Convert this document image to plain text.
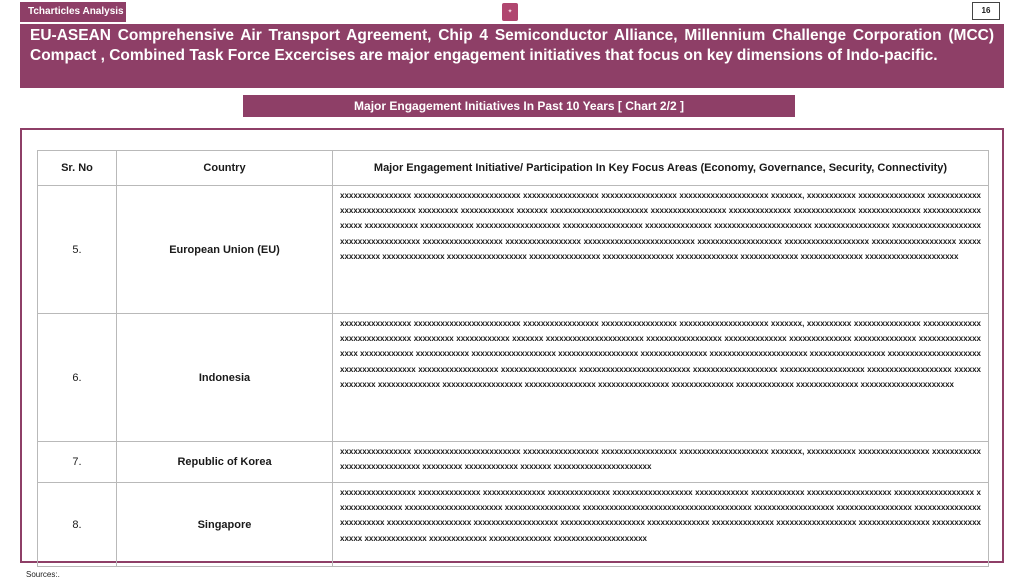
Tcharticles Analysis	✦	16

EU-ASEAN Comprehensive Air Transport Agreement, Chip 4 Semiconductor Alliance, Millennium Challenge Corporation (MCC) Compact , Combined Task Force Excercises are major engagement initiatives that focus on key dimensions of Indo-pacific.

Major Engagement Initiatives In Past 10 Years [ Chart 2/2 ]
Sr. No	Country	Major Engagement Initiative/ Participation In Key Focus Areas (Economy, Governance, Security, Connectivity)
5.	European Union (EU)	xxxxxxxxxxxxxxxx xxxxxxxxxxxxxxxxxxxxxxxx xxxxxxxxxxxxxxxxx xxxxxxxxxxxxxxxxx xxxxxxxxxxxxxxxxxxxx xxxxxxx, xxxxxxxxxxx xxxxxxxxxxxxxxx xxxxxxxxxxxxxxxxxxxxxxxxxxxxx xxxxxxxxx xxxxxxxxxxxx xxxxxxx xxxxxxxxxxxxxxxxxxxxxx xxxxxxxxxxxxxxxxx xxxxxxxxxxxxxx xxxxxxxxxxxxxx xxxxxxxxxxxxxx xxxxxxxxxxxxxxxxxx xxxxxxxxxxxx xxxxxxxxxxxx xxxxxxxxxxxxxxxxxxx xxxxxxxxxxxxxxxxxx xxxxxxxxxxxxxxx xxxxxxxxxxxxxxxxxxxxxx xxxxxxxxxxxxxxxxx xxxxxxxxxxxxxxxxxxxxxxxxxxxxxxxxxxxxxx xxxxxxxxxxxxxxxxxx xxxxxxxxxxxxxxxxx xxxxxxxxxxxxxxxxxxxxxxxxx xxxxxxxxxxxxxxxxxxx xxxxxxxxxxxxxxxxxxx xxxxxxxxxxxxxxxxxxx xxxxxxxxxxxxxx xxxxxxxxxxxxxx xxxxxxxxxxxxxxxxxx xxxxxxxxxxxxxxxx xxxxxxxxxxxxxxxx xxxxxxxxxxxxxx xxxxxxxxxxxxx xxxxxxxxxxxxxx xxxxxxxxxxxxxxxxxxxxx
6.	Indonesia	xxxxxxxxxxxxxxxx xxxxxxxxxxxxxxxxxxxxxxxx xxxxxxxxxxxxxxxxx xxxxxxxxxxxxxxxxx xxxxxxxxxxxxxxxxxxxx xxxxxxx, xxxxxxxxxx xxxxxxxxxxxxxxx xxxxxxxxxxxxxxxxxxxxxxxxxxxxx xxxxxxxxx xxxxxxxxxxxx xxxxxxx xxxxxxxxxxxxxxxxxxxxxx xxxxxxxxxxxxxxxxx xxxxxxxxxxxxxx xxxxxxxxxxxxxx xxxxxxxxxxxxxx xxxxxxxxxxxxxxxxxx xxxxxxxxxxxx xxxxxxxxxxxx xxxxxxxxxxxxxxxxxxx xxxxxxxxxxxxxxxxxx xxxxxxxxxxxxxxx xxxxxxxxxxxxxxxxxxxxxx xxxxxxxxxxxxxxxxx xxxxxxxxxxxxxxxxxxxxxxxxxxxxxxxxxxxxxx xxxxxxxxxxxxxxxxxx xxxxxxxxxxxxxxxxx xxxxxxxxxxxxxxxxxxxxxxxxx xxxxxxxxxxxxxxxxxxx xxxxxxxxxxxxxxxxxxx xxxxxxxxxxxxxxxxxxx xxxxxxxxxxxxxx xxxxxxxxxxxxxx xxxxxxxxxxxxxxxxxx xxxxxxxxxxxxxxxx xxxxxxxxxxxxxxxx xxxxxxxxxxxxxx xxxxxxxxxxxxx xxxxxxxxxxxxxx xxxxxxxxxxxxxxxxxxxxx
7.	Republic of Korea	xxxxxxxxxxxxxxxx xxxxxxxxxxxxxxxxxxxxxxxx xxxxxxxxxxxxxxxxx xxxxxxxxxxxxxxxxx xxxxxxxxxxxxxxxxxxxx xxxxxxx, xxxxxxxxxxx xxxxxxxxxxxxxxxx xxxxxxxxxxxxxxxxxxxxxxxxxxxxx xxxxxxxxx xxxxxxxxxxxx xxxxxxx xxxxxxxxxxxxxxxxxxxxxx
8.	Singapore	xxxxxxxxxxxxxxxxx xxxxxxxxxxxxxx xxxxxxxxxxxxxx xxxxxxxxxxxxxx xxxxxxxxxxxxxxxxxx xxxxxxxxxxxx xxxxxxxxxxxx xxxxxxxxxxxxxxxxxxx xxxxxxxxxxxxxxxxxx xxxxxxxxxxxxxxx xxxxxxxxxxxxxxxxxxxxxx xxxxxxxxxxxxxxxxx xxxxxxxxxxxxxxxxxxxxxxxxxxxxxxxxxxxxxx xxxxxxxxxxxxxxxxxx xxxxxxxxxxxxxxxxx xxxxxxxxxxxxxxxxxxxxxxxxx xxxxxxxxxxxxxxxxxxx xxxxxxxxxxxxxxxxxxx xxxxxxxxxxxxxxxxxxx xxxxxxxxxxxxxx xxxxxxxxxxxxxx xxxxxxxxxxxxxxxxxx xxxxxxxxxxxxxxxx xxxxxxxxxxxxxxxx xxxxxxxxxxxxxx xxxxxxxxxxxxx xxxxxxxxxxxxxx xxxxxxxxxxxxxxxxxxxxx
Sources:.
